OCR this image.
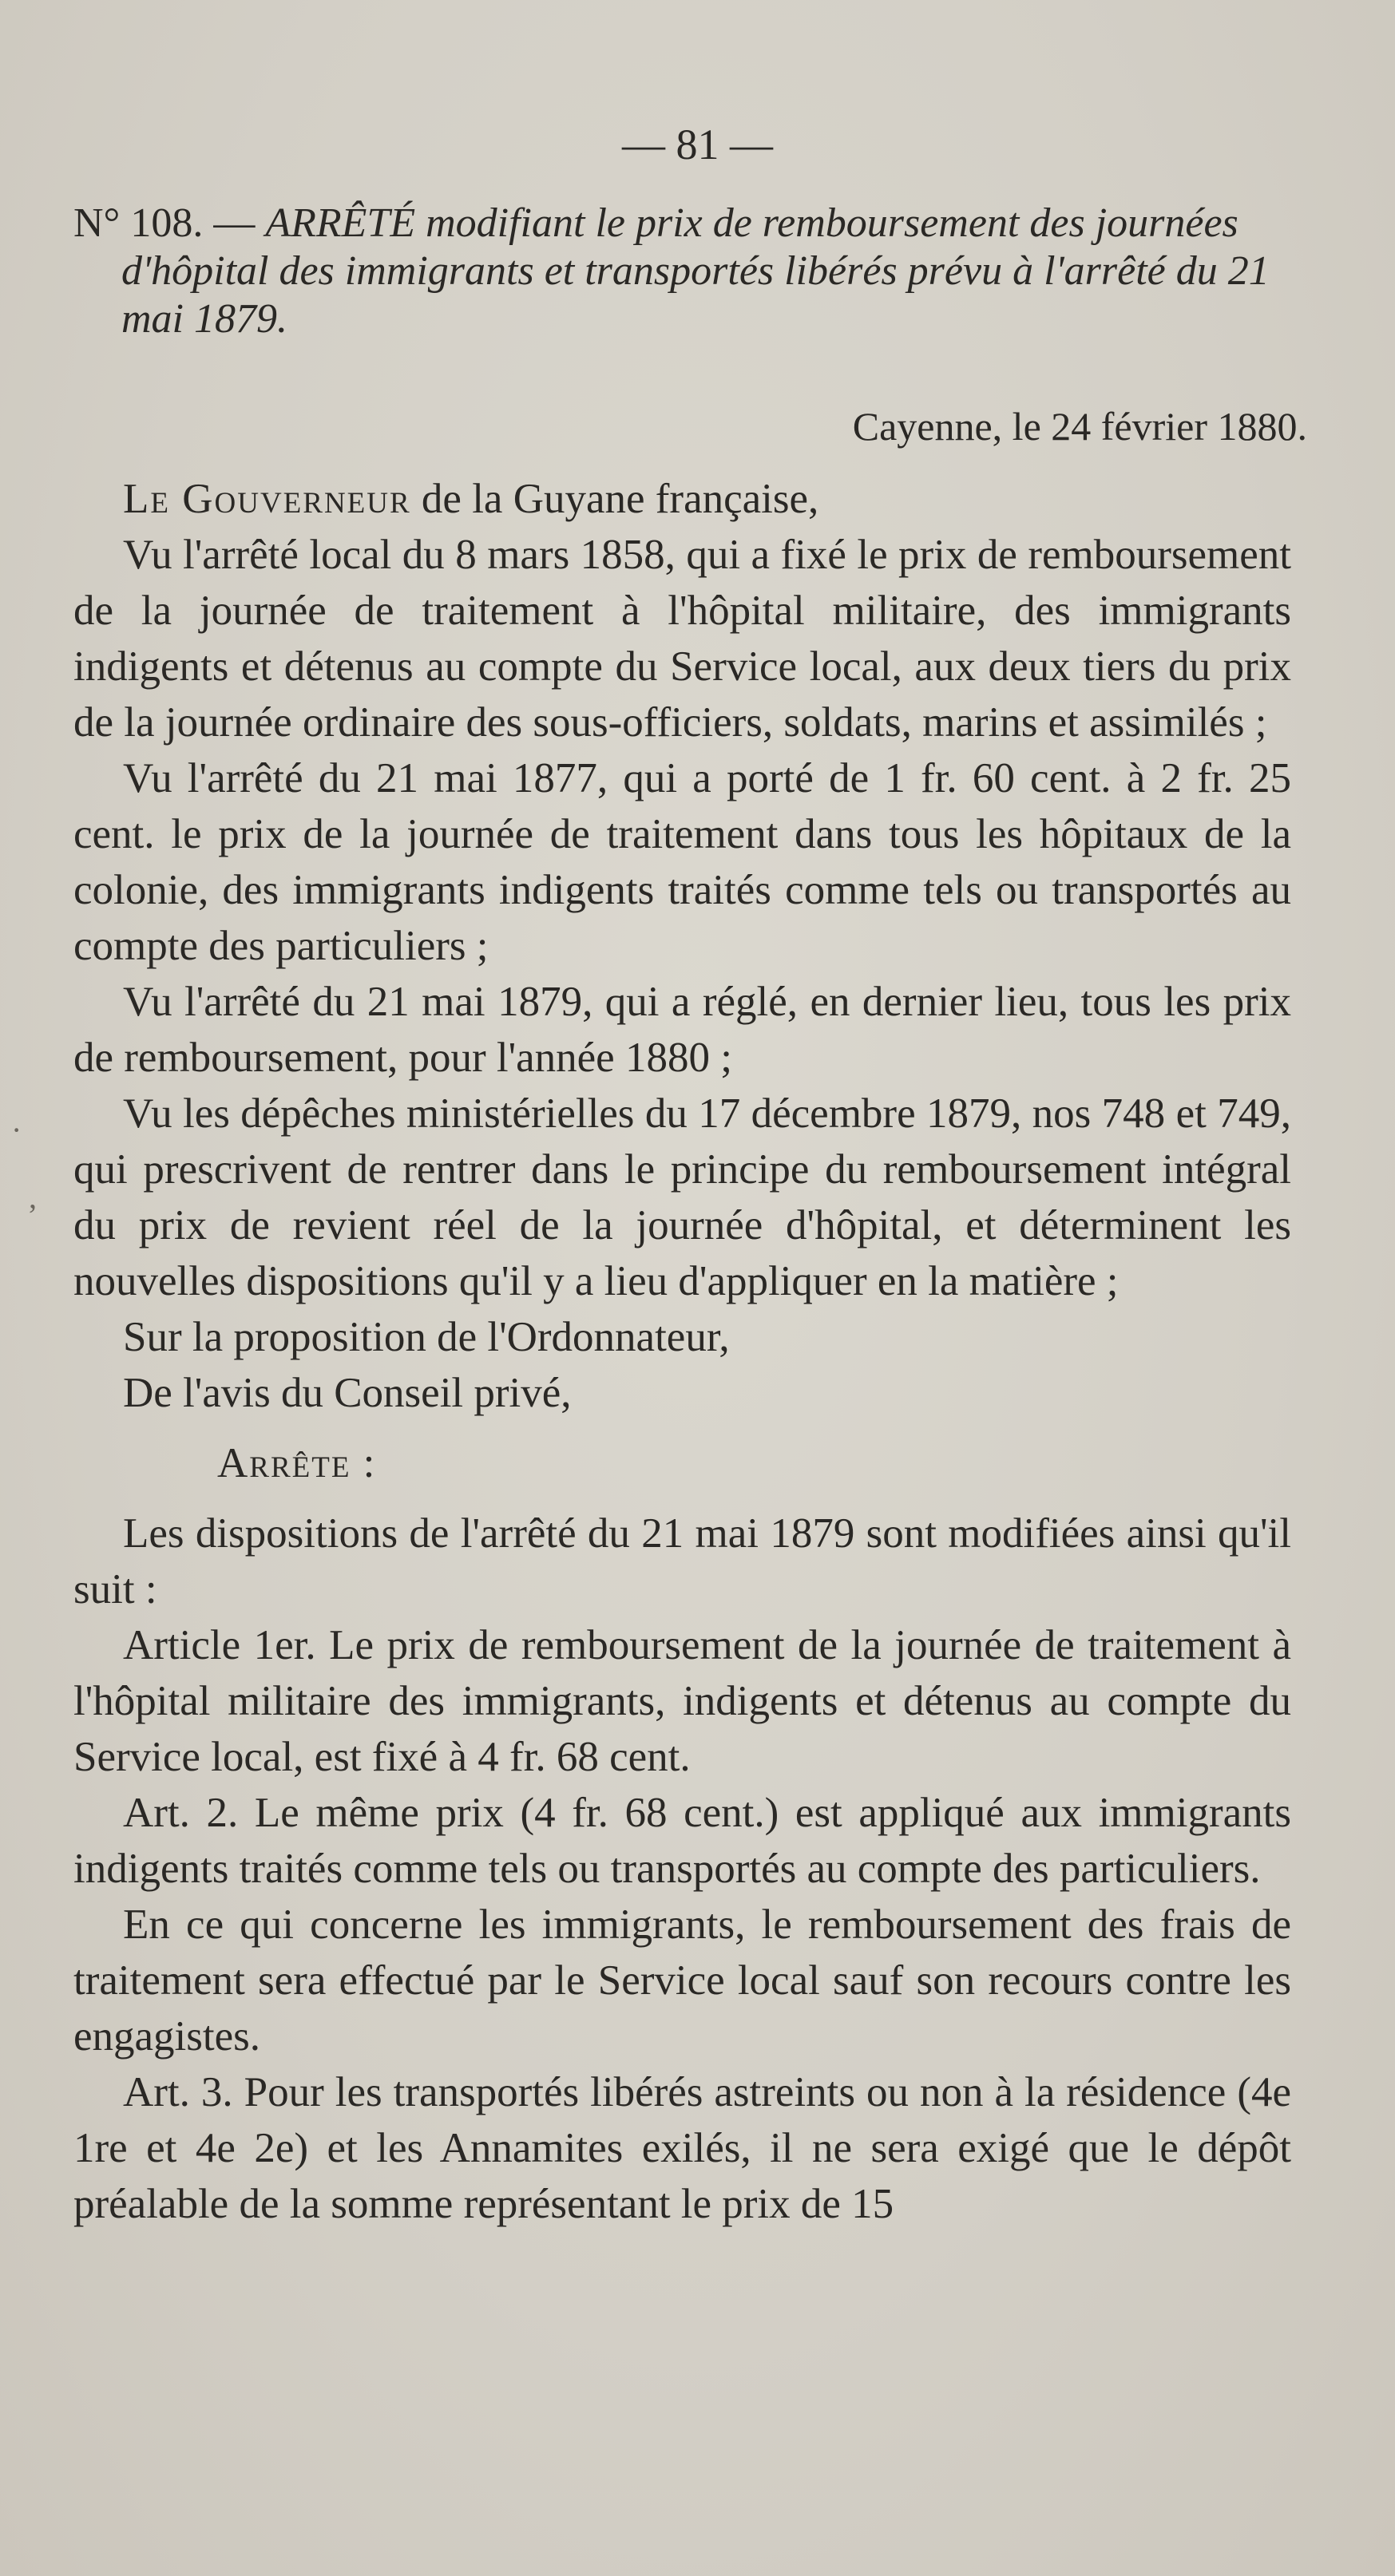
— 81 —
N° 108. — ARRÊTÉ modifiant le prix de remboursement des journées d'hôpital des immigrants et transportés libérés prévu à l'arrêté du 21 mai 1879.
Cayenne, le 24 février 1880.

Le Gouverneur de la Guyane française,

Vu l'arrêté local du 8 mars 1858, qui a fixé le prix de remboursement de la journée de traitement à l'hôpital militaire, des immigrants indigents et détenus au compte du Service local, aux deux tiers du prix de la journée ordinaire des sous-officiers, soldats, marins et assimilés ;

Vu l'arrêté du 21 mai 1877, qui a porté de 1 fr. 60 cent. à 2 fr. 25 cent. le prix de la journée de traitement dans tous les hôpitaux de la colonie, des immigrants indigents traités comme tels ou transportés au compte des particuliers ;

Vu l'arrêté du 21 mai 1879, qui a réglé, en dernier lieu, tous les prix de remboursement, pour l'année 1880 ;

Vu les dépêches ministérielles du 17 décembre 1879, nos 748 et 749, qui prescrivent de rentrer dans le principe du remboursement intégral du prix de revient réel de la journée d'hôpital, et déterminent les nouvelles dispositions qu'il y a lieu d'appliquer en la matière ;

Sur la proposition de l'Ordonnateur,

De l'avis du Conseil privé,

Arrête :

Les dispositions de l'arrêté du 21 mai 1879 sont modifiées ainsi qu'il suit :

Article 1er. Le prix de remboursement de la journée de traitement à l'hôpital militaire des immigrants, indigents et détenus au compte du Service local, est fixé à 4 fr. 68 cent.

Art. 2. Le même prix (4 fr. 68 cent.) est appliqué aux immigrants indigents traités comme tels ou transportés au compte des particuliers.

En ce qui concerne les immigrants, le remboursement des frais de traitement sera effectué par le Service local sauf son recours contre les engagistes.

Art. 3. Pour les transportés libérés astreints ou non à la résidence (4e 1re et 4e 2e) et les Annamites exilés, il ne sera exigé que le dépôt préalable de la somme représentant le prix de 15

·
,
